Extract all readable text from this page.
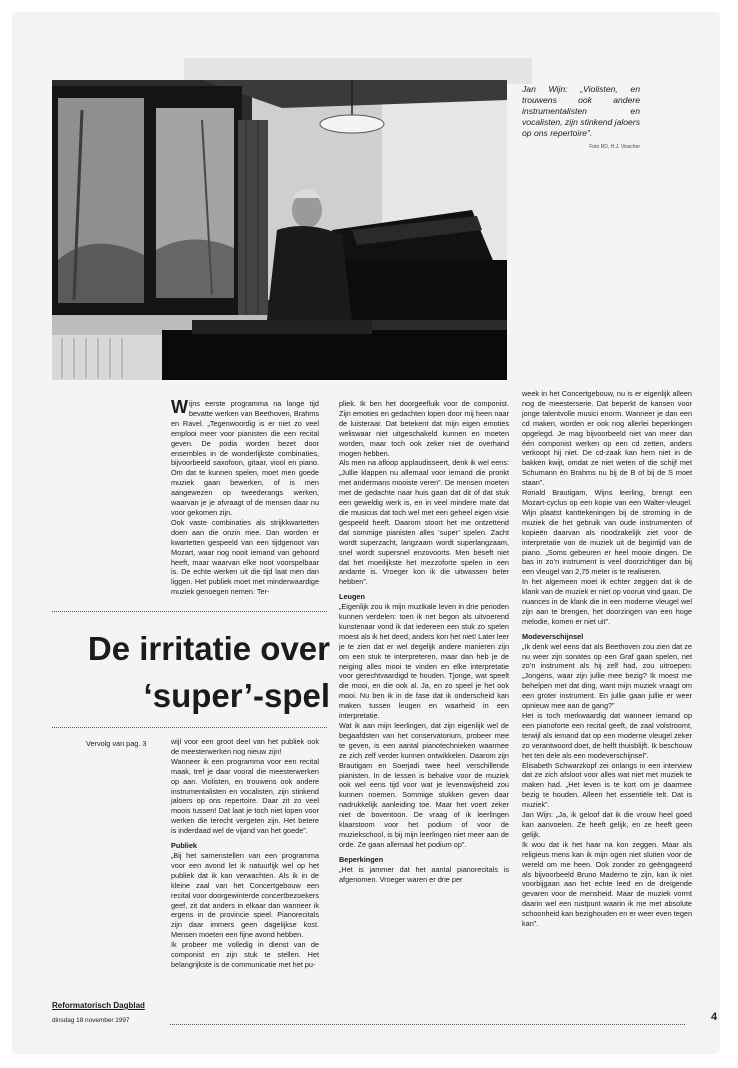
Jan Wijn: „Violisten, en trouwens ook andere instrumentalisten en vocalisten, zijn stinkend jaloers op ons repertoire”.
Foto RD, H.J. Visscher

Wijns eerste programma na lange tijd bevatte werken van Beethoven, Brahms en Ravel. „Tegenwoordig is er niet zo veel emplooi meer voor pianisten die een recital geven. De podia worden bezet door ensembles in de wonderlijkste combinaties, bijvoorbeeld saxofoon, gitaar, viool en piano. Om dat te kunnen spelen, moet men goede muziek gaan bewerken, of is men aangewezen op tweederangs werken, waarvan je je afvraagt of de mensen daar nu voor gekomen zijn.

Ook vaste combinaties als strijkkwartetten doen aan die onzin mee. Dan worden er kwartetten gespeeld van een tijdgenoot van Mozart, waar nog nooit iemand van gehoord heeft, maar waarvan elke noot voorspelbaar is. De echte werken uit die tijd laat men dan liggen. Het publiek moet met minderwaardige muziek genoegen nemen. Ter-

pliek. Ik ben het doorgeefluik voor de componist. Zijn emoties en gedachten lopen door mij heen naar de luisteraar. Dat betekent dat mijn eigen emoties weliswaar niet uitgeschakeld kunnen en moeten worden, maar toch ook zeker niet de overhand mogen hebben.

Als men na afloop applaudisseert, denk ik wel eens: „Jullie klappen nu allemaal voor iemand die pronkt met andermans mooiste veren”. De mensen moeten met de gedachte naar huis gaan dat dit of dat stuk een geweldig werk is, en in veel mindere mate dat die musicus dat toch wel met een geheel eigen visie gespeeld heeft. Daarom stoort het me ontzettend dat sommige pianisten alles ‘super’ spelen. Zacht wordt superzacht, langzaam wordt superlangzaam, snel wordt supersnel enzovoorts. Men beseft niet dat het moeilijkste het mezzoforte spelen in een andante is. Vroeger kon ik die uitwassen beter hebben”.

Leugen

„Eigenlijk zou ik mijn muzikale leven in drie perioden kunnen verdelen: toen ik net begon als uitvoerend kunstenaar vond ik dat iedereen een stuk zo spelen moest als ik het deed, anders kon het niet! Later leer je te zien dat er wel degelijk andere manieren zijn om een stuk te interpreteren, maar dan heb je de neiging alles mooi te vinden en elke interpretatie voor gerechtvaardigd te houden. Tjonge, wat speelt die mooi, en die ook al. Ja, en zo speel je het ook mooi. Nu ben ik in de fase dat ik onderscheid kan maken tussen leugen en waarheid in een interpretatie.

Wat ik aan mijn leerlingen, dat zijn eigenlijk wel de begaafdsten van het conservatorium, probeer mee te geven, is een aantal pianotechnieken waarmee ze zich zelf verder kunnen ontwikkelen. Daarom zijn Brautigam en Soerjadi twee heel verschillende pianisten. In de lessen is behalve voor de muziek ook wel eens tijd voor wat je levenswijsheid zou kunnen noemen. Sommige stukken geven daar nadrukkelijk aanleiding toe. Maar het voert zeker niet de boventoon. De vraag of ik leerlingen klaarstoom voor het podium of voor de muziekschool, is bij mijn leerlingen niet meer aan de orde. Ze gaan allemaal het podium op”.

Beperkingen

„Het is jammer dat het aantal pianorecitals is afgenomen. Vroeger waren er drie per

week in het Concertgebouw, nu is er eigenlijk alleen nog de meesterserie. Dat beperkt de kansen voor jonge talentvolle musici enorm. Wanneer je dan een cd maken, worden er ook nog allerlei beperkingen opgelegd. Je mag bijvoorbeeld niet van meer dan één componist werken op een cd zetten, anders verkoopt hij niet. De cd-zaak kan hem niet in de bakken kwijt, omdat ze niet weten of die schijf met Schumann èn Brahms nu bij de B of bij de S moet staan”.

Ronald Brautigam, Wijns leerling, brengt een Mozart-cyclus op een kopie van een Walter-vleugel. Wijn plaatst kanttekeningen bij de stroming in de muziek die het gebruik van oude instrumenten of kopieën daarvan als noodzakelijk ziet voor de interpretatie van de muziek uit de begintijd van de piano. „Soms gebeuren er heel mooie dingen. De bas in zo’n instrument is veel doorzichtiger dan bij een vleugel van 2,75 meter is te realiseren.

In het algemeen moet ik echter zeggen dat ik de klank van de muziek er niet op vooruit vind gaan. De nuances in de klank die in een moderne vleugel wel zijn aan te brengen, het doorzingen van een hoge melodie, komen er niet uit”.

Modeverschijnsel

„Ik denk wel eens dat als Beethoven zou zien dat ze nu weer zijn sonates op een Graf gaan spelen, net zo’n instrument als hij zelf had, zou uitroepen: „Jongens, waar zijn jullie mee bezig? Ik moest me behelpen met dat ding, want mijn muziek vraagt om een groter instrument. En jullie gaan jullie er weer opnieuw mee aan de gang?”

Het is toch merkwaardig dat wanneer iemand op een pianoforte een recital geeft, de zaal volstroomt, terwijl als iemand dat op een moderne vleugel zeker zo verantwoord doet, de helft thuisblijft. Ik beschouw het ten dele als een modeverschijnsel”.

Elisabeth Schwarzkopf zei onlangs in een interview dat ze zich afsloot voor alles wat niet met muziek te maken had. „Het leven is te kort om je daarmee bezig te houden. Alleen het essentiële telt. Dat is muziek”.

Jan Wijn: „Ja, ik geloof dat ik die vrouw heel goed kan aanvoelen. Ze heeft gelijk, en ze heeft geen gelijk.

Ik wou dat ik het haar na kon zeggen. Maar als religieus mens kan ik mijn ogen niet sluiten voor de wereld om me heen. Ook zonder zo geëngageerd als bijvoorbeeld Bruno Maderno te zijn, kan ik niet voorbijgaan aan het echte leed en de dreigende gevaren voor de mensheid. Maar de muziek vormt daarin wel een rustpunt waarin ik me met absolute schoonheid kan bezighouden en er weer even tegen kan”.

De irritatie over
‘super’-spel
Vervolg van pag. 3	wijl voor een groot deel van het publiek ook de meesterwerken nog nieuw zijn!

Wanneer ik een programma voor een recital maak, tref je daar vooral die meesterwerken op aan. Violisten, en trouwens ook andere instrumentalisten en vocalisten, zijn stinkend jaloers op ons repertoire. Daar zit zo veel moois tussen! Dat laat je toch niet lopen voor werken die terecht vergeten zijn. Het betere is inderdaad wel de vijand van het goede”.

Publiek

„Bij het samenstellen van een programma voor een avond let ik natuurlijk wel op het publiek dat ik kan verwachten. Als ik in de kleine zaal van het Concertgebouw een recital voor doorgewinterde concertbezoekers geef, zit dat anders in elkaar dan wanneer ik ergens in de provincie speel. Pianorecitals zijn daar immers geen dagelijkse kost. Mensen moeten een fijne avond hebben.

Ik probeer me volledig in dienst van de componist en zijn stuk te stellen. Het belangrijkste is de communicatie met het pu-

Reformatorisch Dagblad
dinsdag 18 november 1997	4
